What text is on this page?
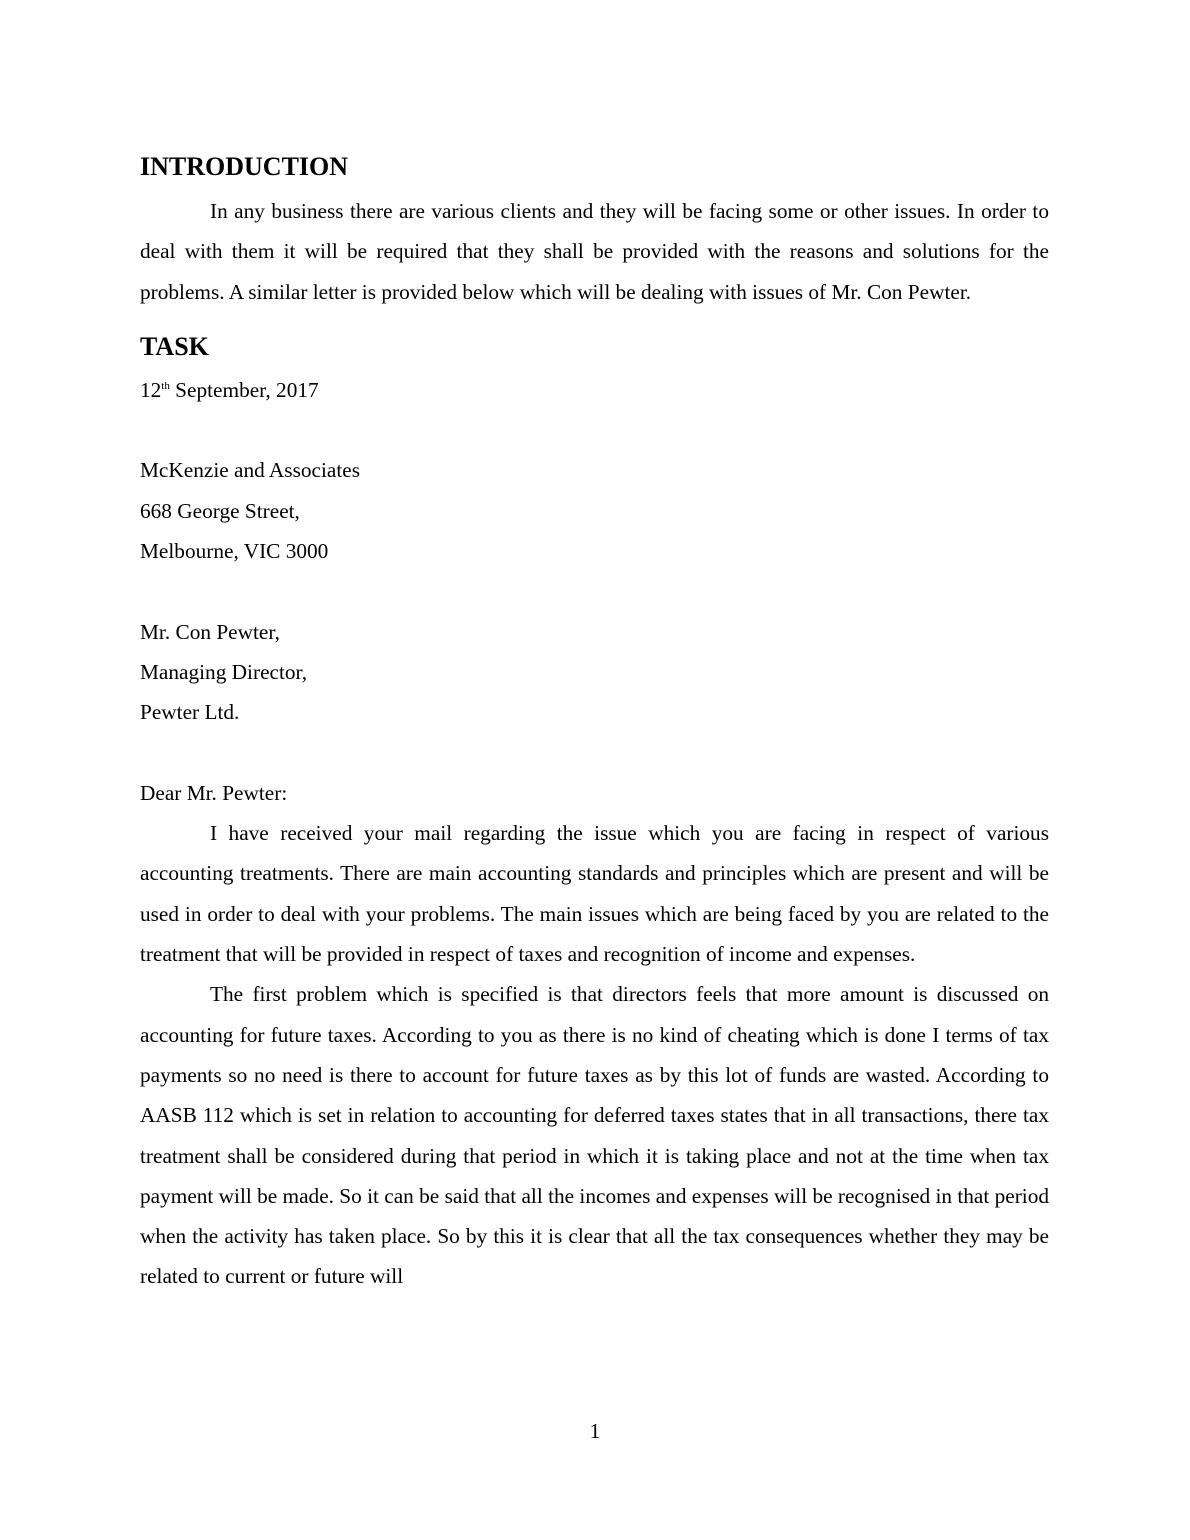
INTRODUCTION

In any business there are various clients and they will be facing some or other issues. In order to deal with them it will be required that they shall be provided with the reasons and solutions for the problems. A similar letter is provided below which will be dealing with issues of Mr. Con Pewter.

TASK
12th September, 2017
McKenzie and Associates
668 George Street,
Melbourne, VIC 3000
Mr. Con Pewter,
Managing Director,
Pewter Ltd.
Dear Mr. Pewter:

I have received your mail regarding the issue which you are facing in respect of various accounting treatments. There are main accounting standards and principles which are present and will be used in order to deal with your problems. The main issues which are being faced by you are related to the treatment that will be provided in respect of taxes and recognition of income and expenses.

The first problem which is specified is that directors feels that more amount is discussed on accounting for future taxes. According to you as there is no kind of cheating which is done I terms of tax payments so no need is there to account for future taxes as by this lot of funds are wasted. According to AASB 112 which is set in relation to accounting for deferred taxes states that in all transactions, there tax treatment shall be considered during that period in which it is taking place and not at the time when tax payment will be made. So it can be said that all the incomes and expenses will be recognised in that period when the activity has taken place. So by this it is clear that all the tax consequences whether they may be related to current or future will

1
